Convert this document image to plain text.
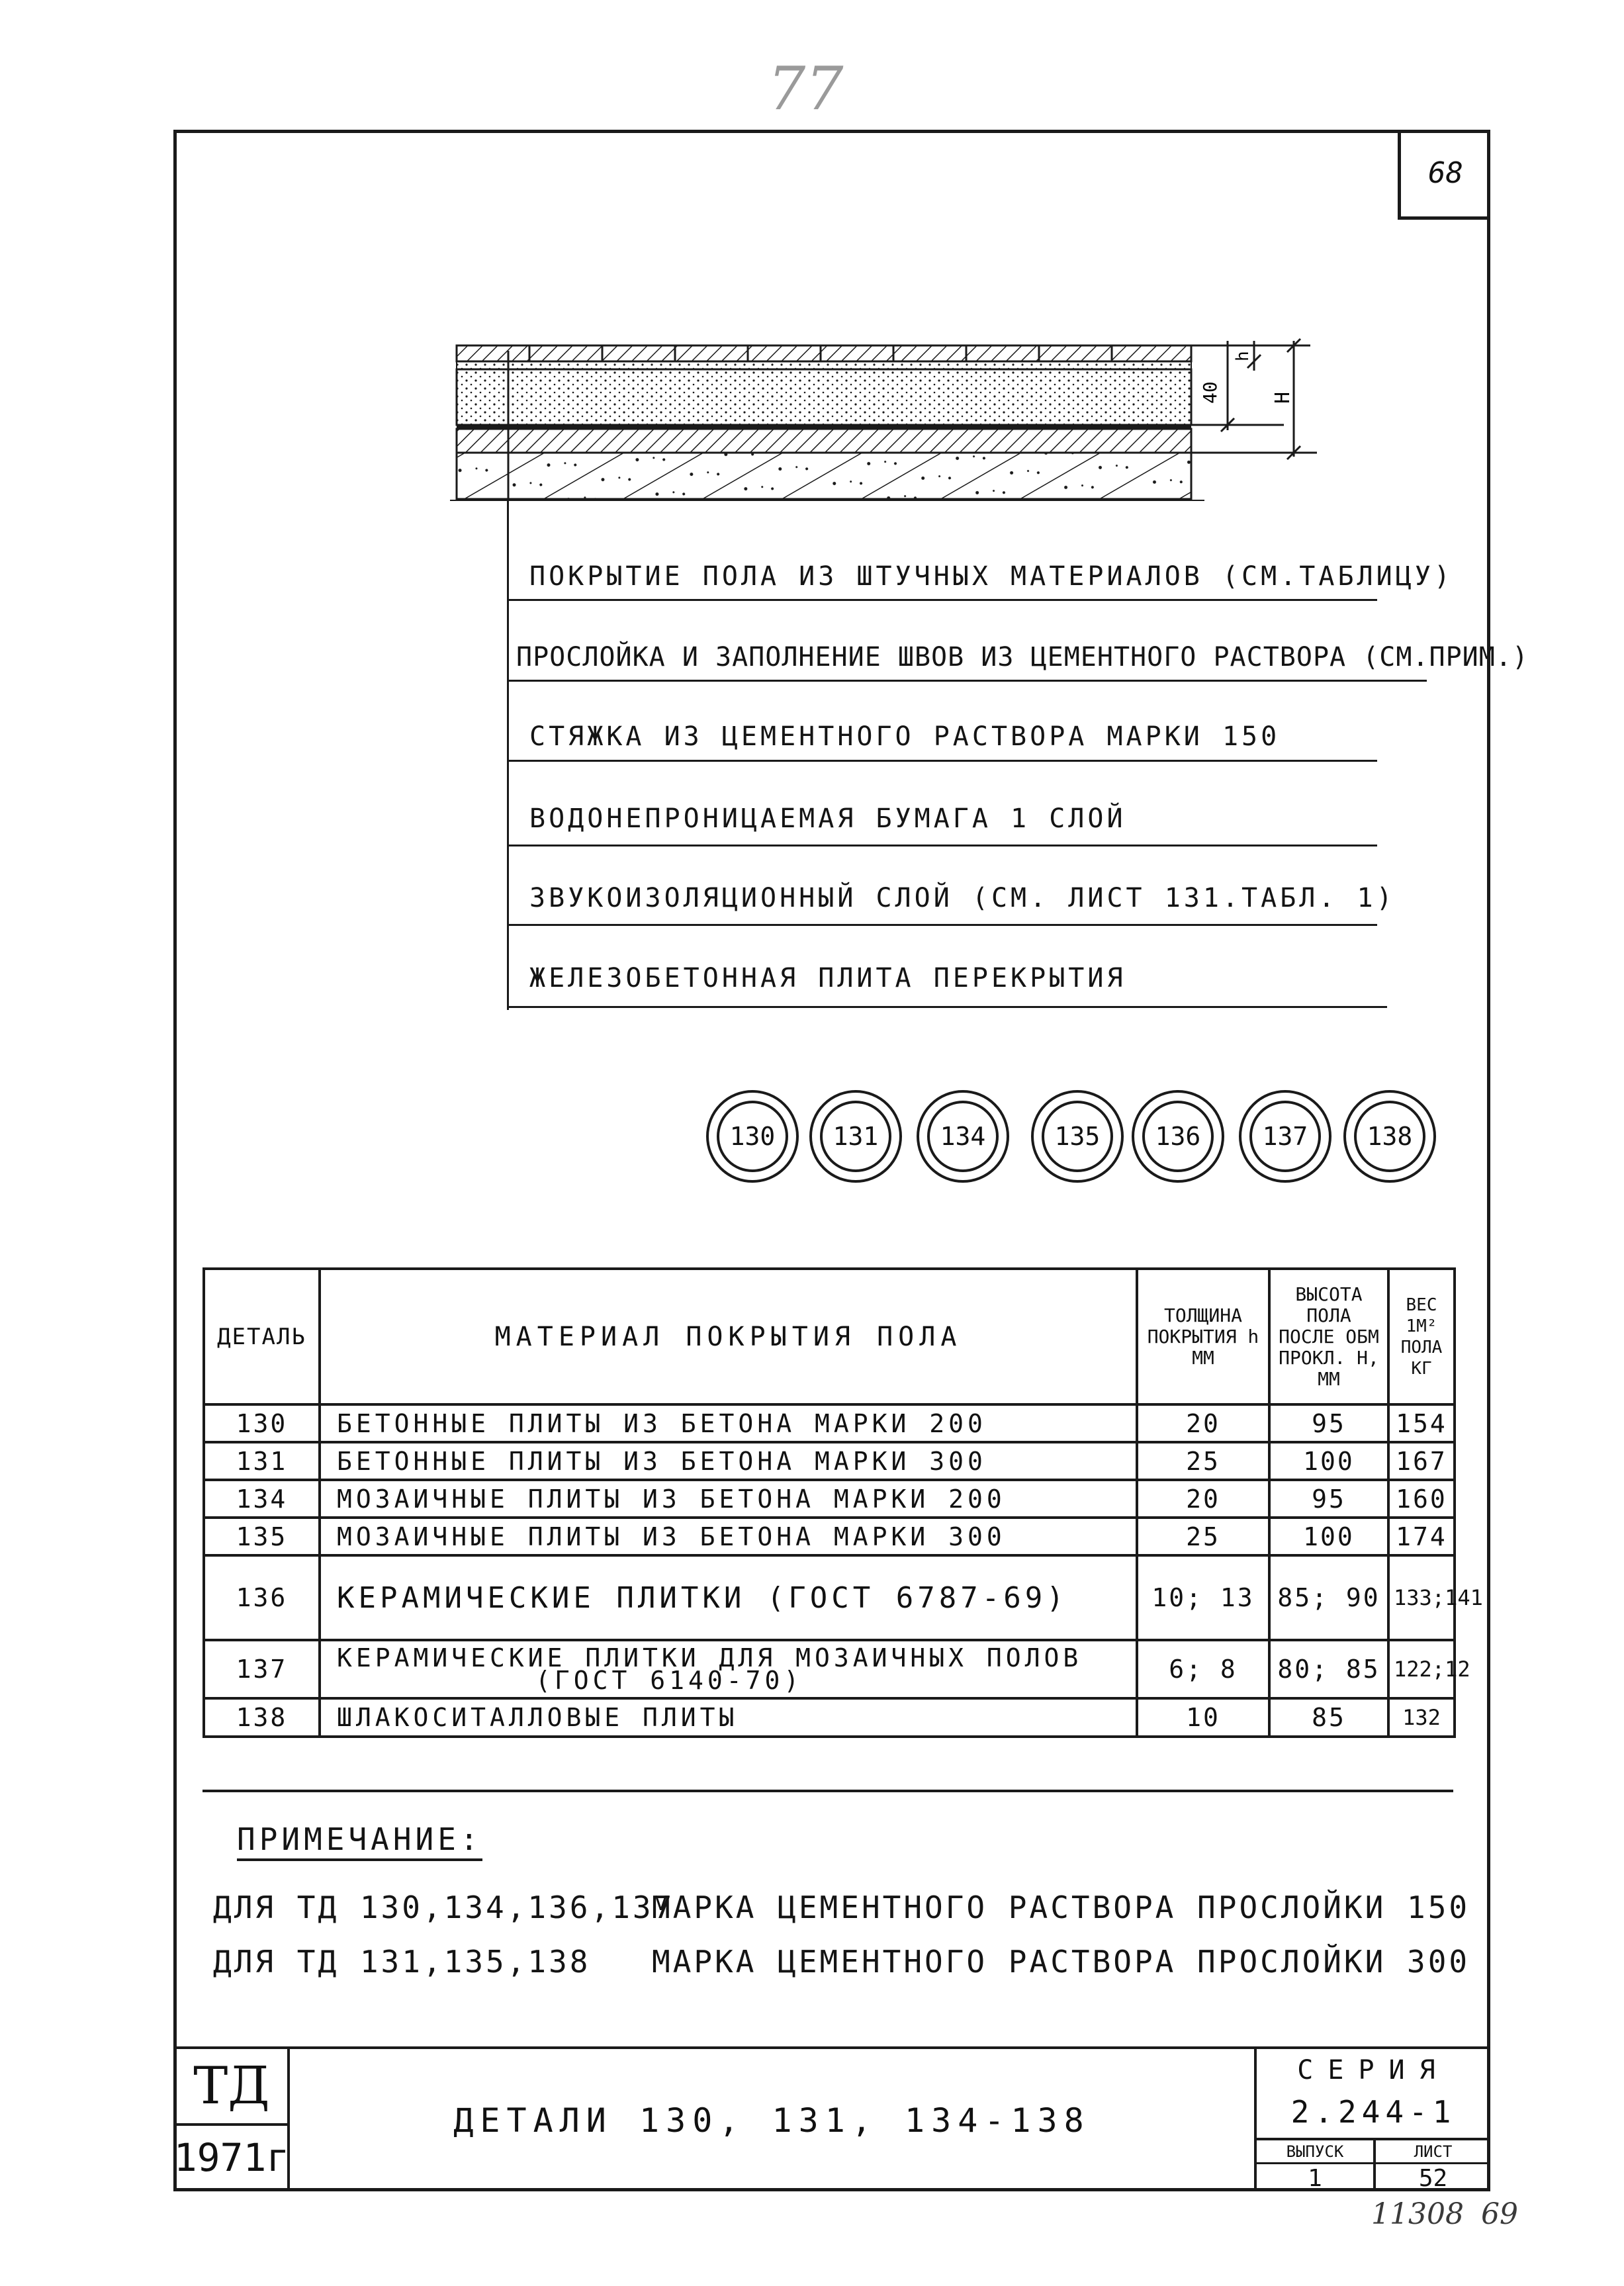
77
68
40
h
H
ПОКРЫТИЕ ПОЛА ИЗ ШТУЧНЫХ МАТЕРИАЛОВ (СМ.ТАБЛИЦУ)
ПРОСЛОЙКА И ЗАПОЛНЕНИЕ ШВОВ ИЗ ЦЕМЕНТНОГО РАСТВОРА (СМ.ПРИМ.)
СТЯЖКА ИЗ ЦЕМЕНТНОГО РАСТВОРА МАРКИ 150
ВОДОНЕПРОНИЦАЕМАЯ БУМАГА 1 СЛОЙ
ЗВУКОИЗОЛЯЦИОННЫЙ СЛОЙ (СМ. ЛИСТ 131.ТАБЛ. 1)
ЖЕЛЕЗОБЕТОННАЯ ПЛИТА ПЕРЕКРЫТИЯ
130	131	134	135	136	137	138
ДЕТАЛЬ	МАТЕРИАЛ ПОКРЫТИЯ ПОЛА	ТОЛЩИНА ПОКРЫТИЯ h ММ	ВЫСОТА ПОЛА ПОСЛЕ ОБМ ПРОКЛ. H, ММ	ВЕС 1М² ПОЛА КГ
130	БЕТОННЫЕ ПЛИТЫ ИЗ БЕТОНА МАРКИ 200	20	95	154
131	БЕТОННЫЕ ПЛИТЫ ИЗ БЕТОНА МАРКИ 300	25	100	167
134	МОЗАИЧНЫЕ ПЛИТЫ ИЗ БЕТОНА МАРКИ 200	20	95	160
135	МОЗАИЧНЫЕ ПЛИТЫ ИЗ БЕТОНА МАРКИ 300	25	100	174
136	КЕРАМИЧЕСКИЕ ПЛИТКИ (ГОСТ 6787-69)	10; 13	85; 90	133;141
137	КЕРАМИЧЕСКИЕ ПЛИТКИ ДЛЯ МОЗАИЧНЫХ ПОЛОВ
(ГОСТ 6140-70)	6; 8	80; 85	122;12
138	ШЛАКОСИТАЛЛОВЫЕ ПЛИТЫ	10	85	132
ПРИМЕЧАНИЕ:
ДЛЯ ТД 130,134,136,137
МАРКА ЦЕМЕНТНОГО РАСТВОРА ПРОСЛОЙКИ 150
ДЛЯ ТД 131,135,138 МАРКА ЦЕМЕНТНОГО РАСТВОРА ПРОСЛОЙКИ 300
ТД
1971г
ДЕТАЛИ 130, 131, 134-138
СЕРИЯ
2.244-1
ВЫПУСК
1
ЛИСТ
52
11308 69
